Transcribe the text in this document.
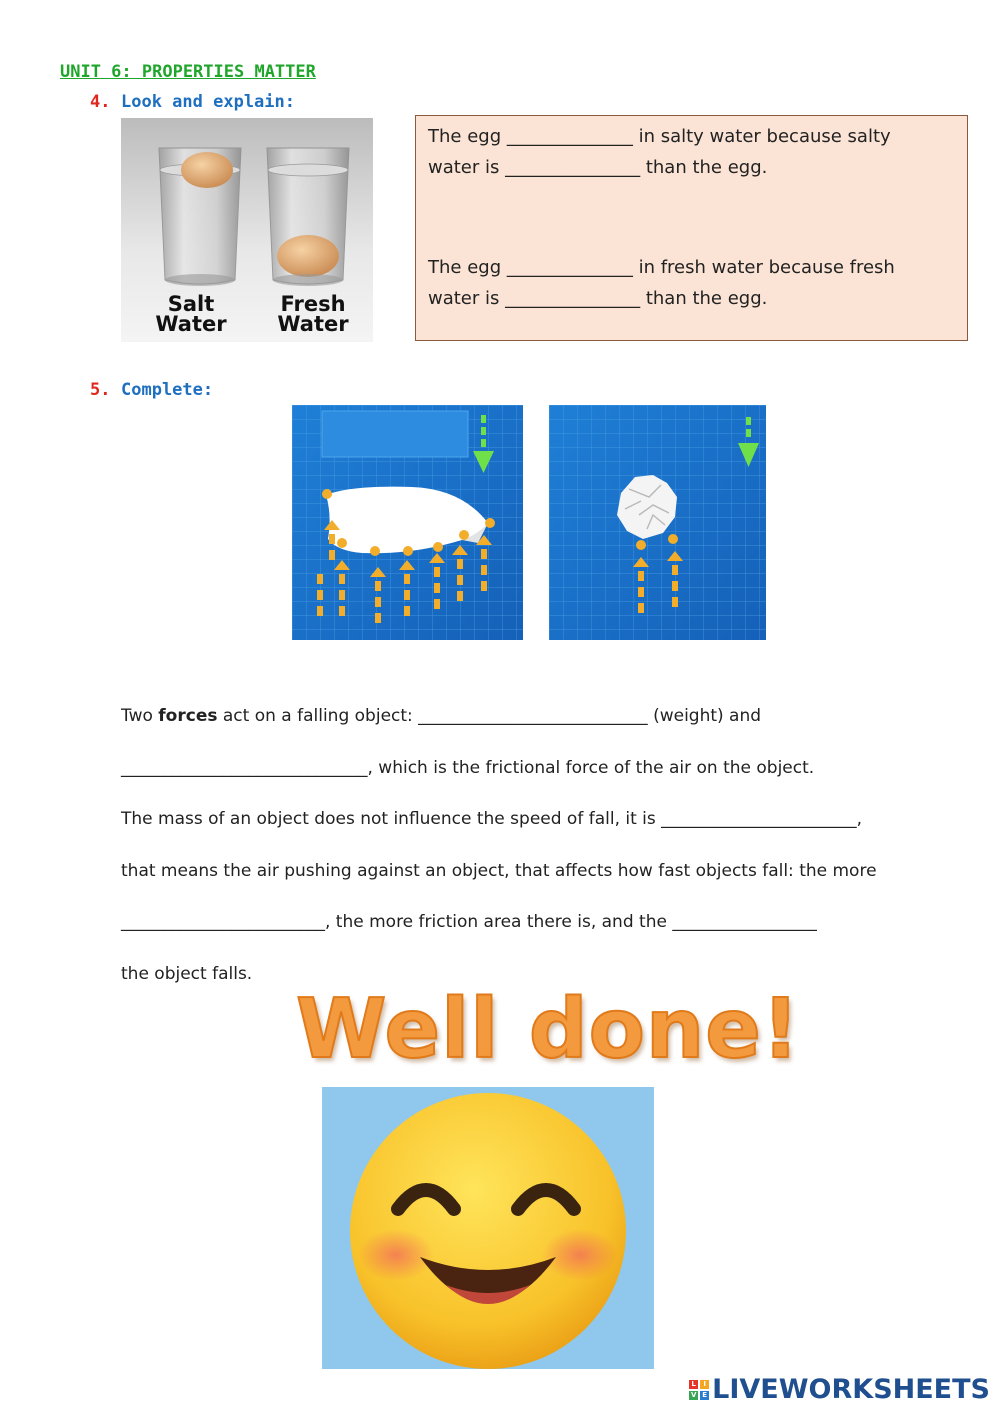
UNIT 6: PROPERTIES MATTER
4. Look and explain:
Salt
Water
Fresh
Water
The egg ______________ in salty water because salty
water is _______________ than the egg.
The egg ______________ in fresh water because fresh
water is _______________ than the egg.
5. Complete:
Two forces act on a falling object: ___________________________ (weight) and
_____________________________, which is the frictional force of the air on the object.
The mass of an object does not influence the speed of fall, it is _______________________,
that means the air pushing against an object, that affects how fast objects fall: the more
________________________, the more friction area there is, and the _________________
the object falls.
Well done!
L	I
V E LIVEWORKSHEETS
